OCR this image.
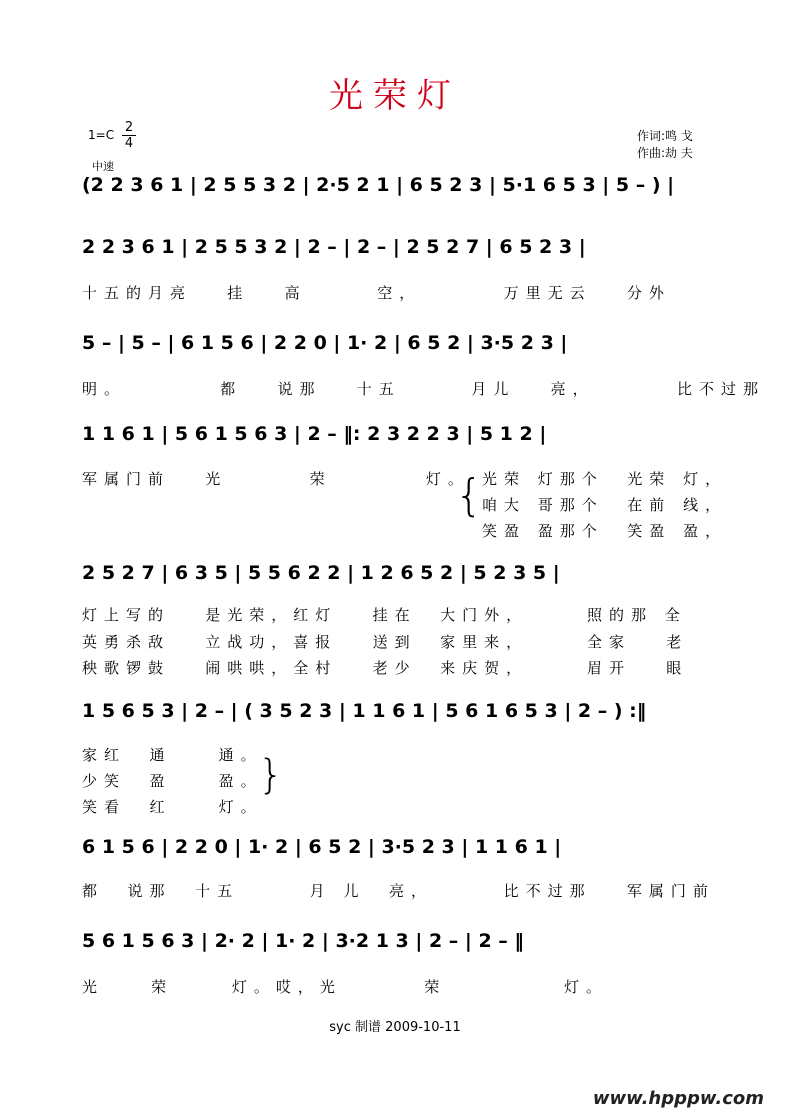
光荣灯
$1=C \frac{2}{4}$
中速
作词:鸣 戈
作曲:劫 夫
(2 2 3 6 1 | 2 5 5 3 2 | 2·5 2 1 | 6 5 2 3 | 5·1 6 5 3 | 5 – ) |
2 2 3 6 1 | 2 5 5 3 2 | 2 – | 2 – | 2 5 2 7 | 6 5 2 3 |
十五的月亮   挂   高      空，       万里无云   分外
5 – | 5 – | 6 1 5 6 | 2 2 0 | 1· 2 | 6 5 2 | 3·5 2 3 |
明。        都   说那   十五      月儿   亮，       比不过那
1 1 6 1 | 5 6 1 5 6 3 | 2 – ‖: 2 3 2 2 3 | 5 1 2 |
军属门前   光       荣        灯。
{ 光荣 灯那个  光荣 灯，
咱大 哥那个  在前 线，
笑盈 盈那个  笑盈 盈，
2 5 2 7 | 6 3 5 | 5 5 6 2 2 | 1 2 6 5 2 | 5 2 3 5 |
灯上写的   是光荣，红灯   挂在  大门外，     照的那 全
英勇杀敌   立战功，喜报   送到  家里来，     全家   老
秧歌锣鼓   闹哄哄，全村   老少  来庆贺，     眉开   眼
1 5 6 5 3 | 2 – | ( 3 5 2 3 | 1 1 6 1 | 5 6 1 6 5 3 | 2 – ) :‖
家红  通    通。
少笑  盈    盈。
笑看  红    灯。
}
6 1 5 6 | 2 2 0 | 1· 2 | 6 5 2 | 3·5 2 3 | 1 1 6 1 |
都  说那  十五      月 儿  亮，      比不过那   军属门前
5 6 1 5 6 3 | 2· 2 | 1· 2 | 3·2 1 3 | 2 – | 2 – ‖
光    荣     灯。哎，光       荣          灯。
syc 制谱 2009-10-11
www.hpppw.com
